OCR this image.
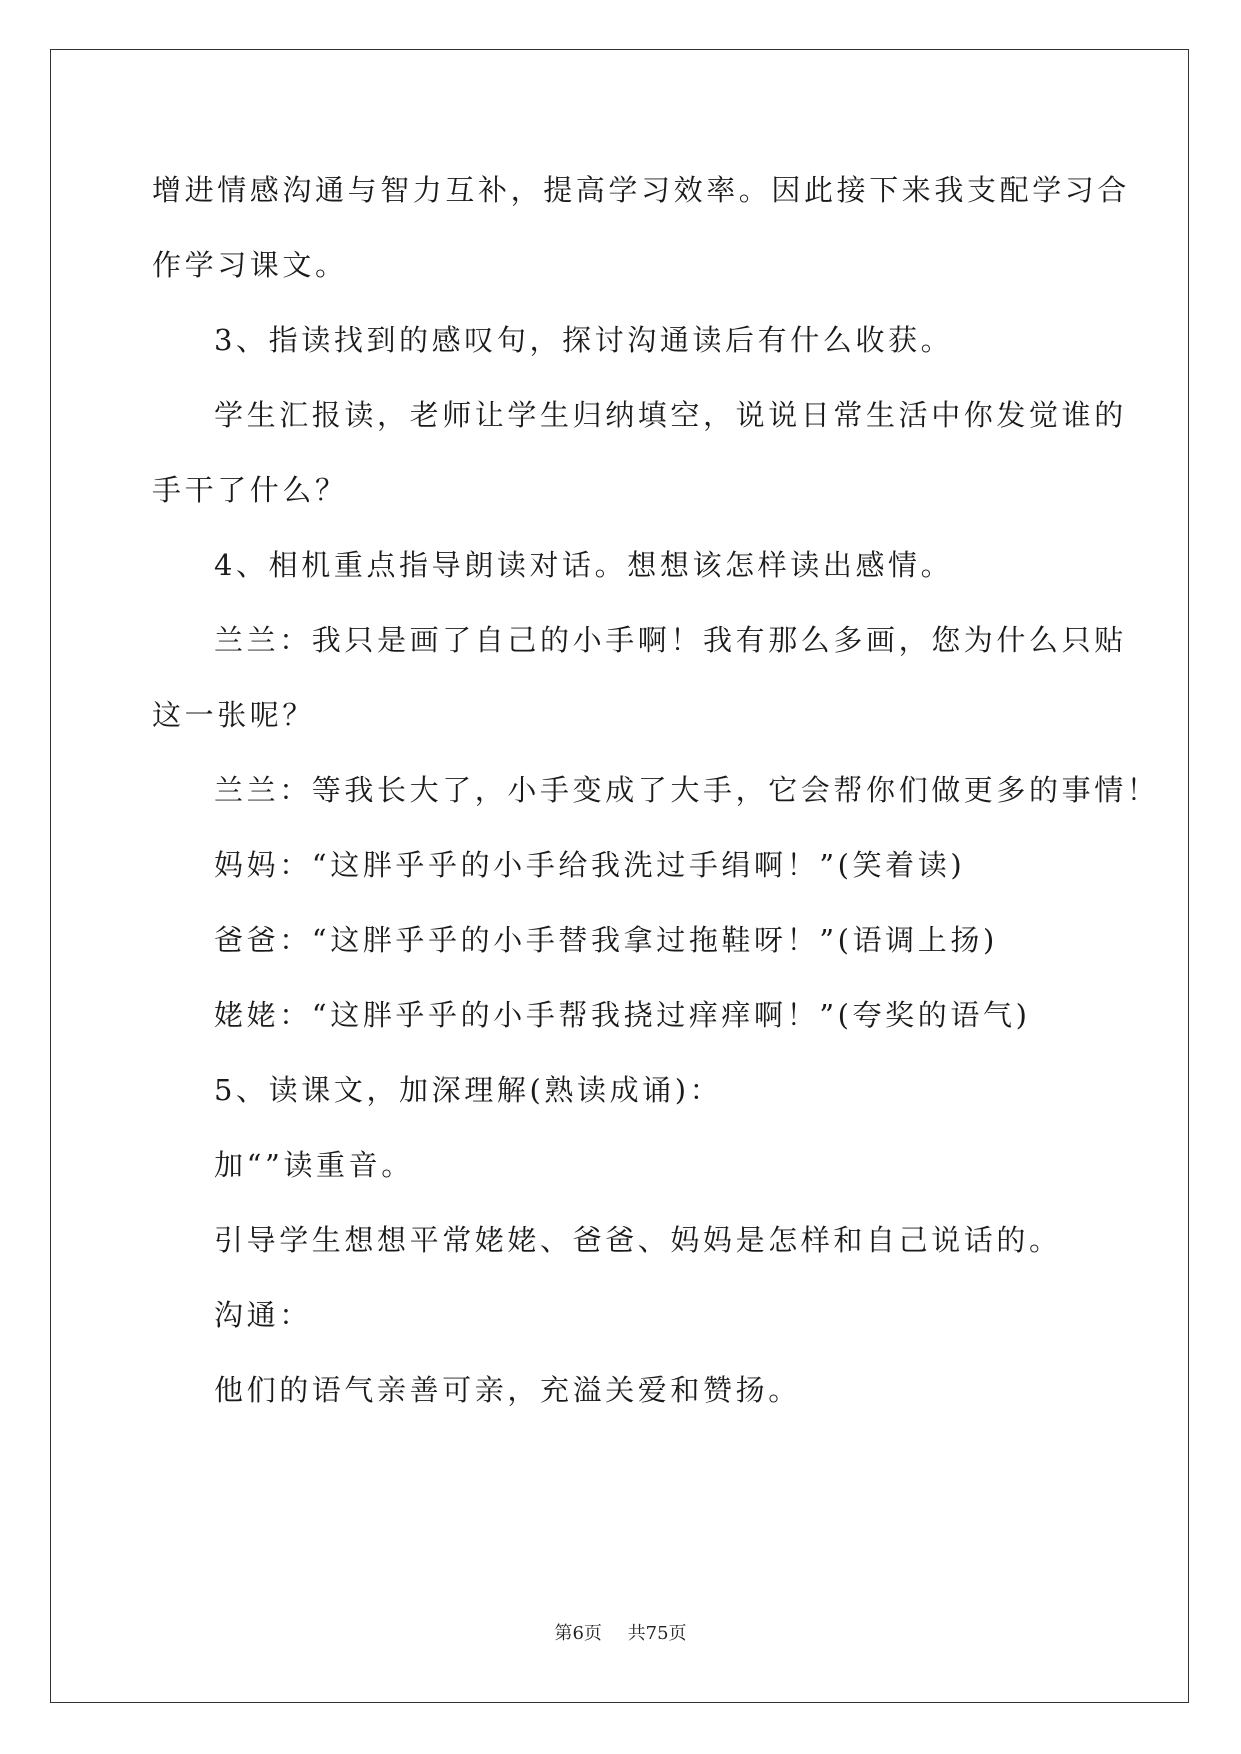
增进情感沟通与智力互补，提高学习效率。因此接下来我支配学习合
作学习课文。
3、指读找到的感叹句，探讨沟通读后有什么收获。
学生汇报读，老师让学生归纳填空，说说日常生活中你发觉谁的
手干了什么？
4、相机重点指导朗读对话。想想该怎样读出感情。
兰兰：我只是画了自己的小手啊！我有那么多画，您为什么只贴
这一张呢？
兰兰：等我长大了，小手变成了大手，它会帮你们做更多的事情！
妈妈：“这胖乎乎的小手给我洗过手绢啊！”(笑着读)
爸爸：“这胖乎乎的小手替我拿过拖鞋呀！”(语调上扬)
姥姥：“这胖乎乎的小手帮我挠过痒痒啊！”(夸奖的语气)
5、读课文，加深理解(熟读成诵)：
加“”读重音。
引导学生想想平常姥姥、爸爸、妈妈是怎样和自己说话的。
沟通：
他们的语气亲善可亲，充溢关爱和赞扬。
第6页 共75页
